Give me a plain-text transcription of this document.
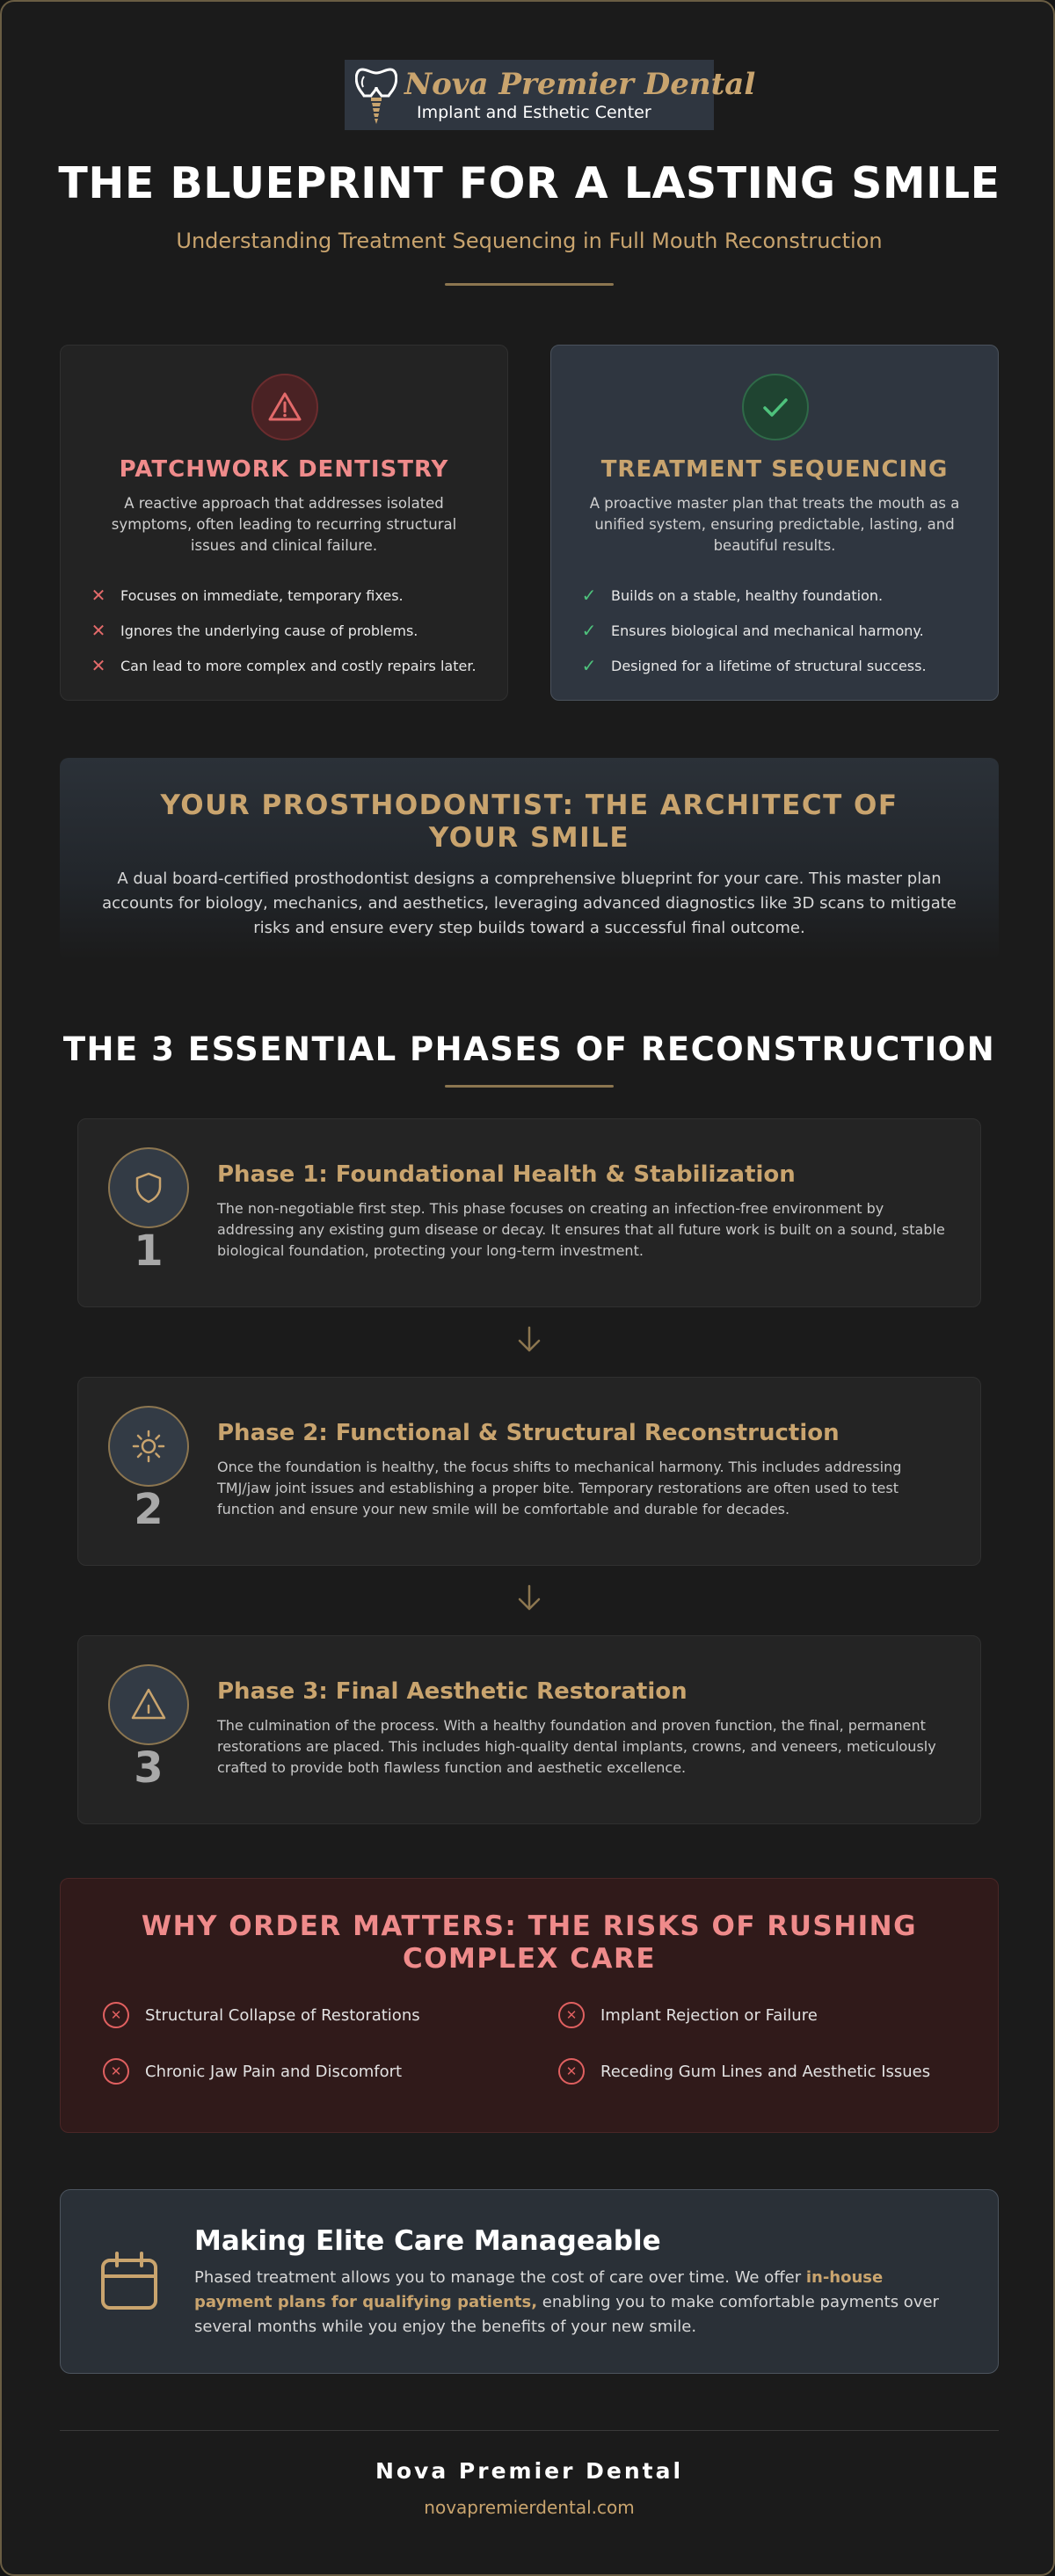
Nova Premier Dental
Implant and Esthetic Center
THE BLUEPRINT FOR A LASTING SMILE
Understanding Treatment Sequencing in Full Mouth Reconstruction
PATCHWORK DENTISTRY
A reactive approach that addresses isolated symptoms, often leading to recurring structural issues and clinical failure.
✕ Focuses on immediate, temporary fixes.
✕ Ignores the underlying cause of problems.
✕ Can lead to more complex and costly repairs later.
TREATMENT SEQUENCING
A proactive master plan that treats the mouth as a unified system, ensuring predictable, lasting, and beautiful results.
✓ Builds on a stable, healthy foundation.
✓ Ensures biological and mechanical harmony.
✓ Designed for a lifetime of structural success.
YOUR PROSTHODONTIST: THE ARCHITECT OF YOUR SMILE
A dual board-certified prosthodontist designs a comprehensive blueprint for your care. This master plan accounts for biology, mechanics, and aesthetics, leveraging advanced diagnostics like 3D scans to mitigate risks and ensure every step builds toward a successful final outcome.
THE 3 ESSENTIAL PHASES OF RECONSTRUCTION
1
Phase 1: Foundational Health & Stabilization
The non-negotiable first step. This phase focuses on creating an infection-free environment by addressing any existing gum disease or decay. It ensures that all future work is built on a sound, stable biological foundation, protecting your long-term investment.
2
Phase 2: Functional & Structural Reconstruction
Once the foundation is healthy, the focus shifts to mechanical harmony. This includes addressing TMJ/jaw joint issues and establishing a proper bite. Temporary restorations are often used to test function and ensure your new smile will be comfortable and durable for decades.
3
Phase 3: Final Aesthetic Restoration
The culmination of the process. With a healthy foundation and proven function, the final, permanent restorations are placed. This includes high-quality dental implants, crowns, and veneers, meticulously crafted to provide both flawless function and aesthetic excellence.
WHY ORDER MATTERS: THE RISKS OF RUSHING COMPLEX CARE
✕	Structural Collapse of Restorations	✕	Implant Rejection or Failure
✕	Chronic Jaw Pain and Discomfort	✕	Receding Gum Lines and Aesthetic Issues
Making Elite Care Manageable
Phased treatment allows you to manage the cost of care over time. We offer in-house payment plans for qualifying patients, enabling you to make comfortable payments over several months while you enjoy the benefits of your new smile.
Nova Premier Dental
novapremierdental.com
